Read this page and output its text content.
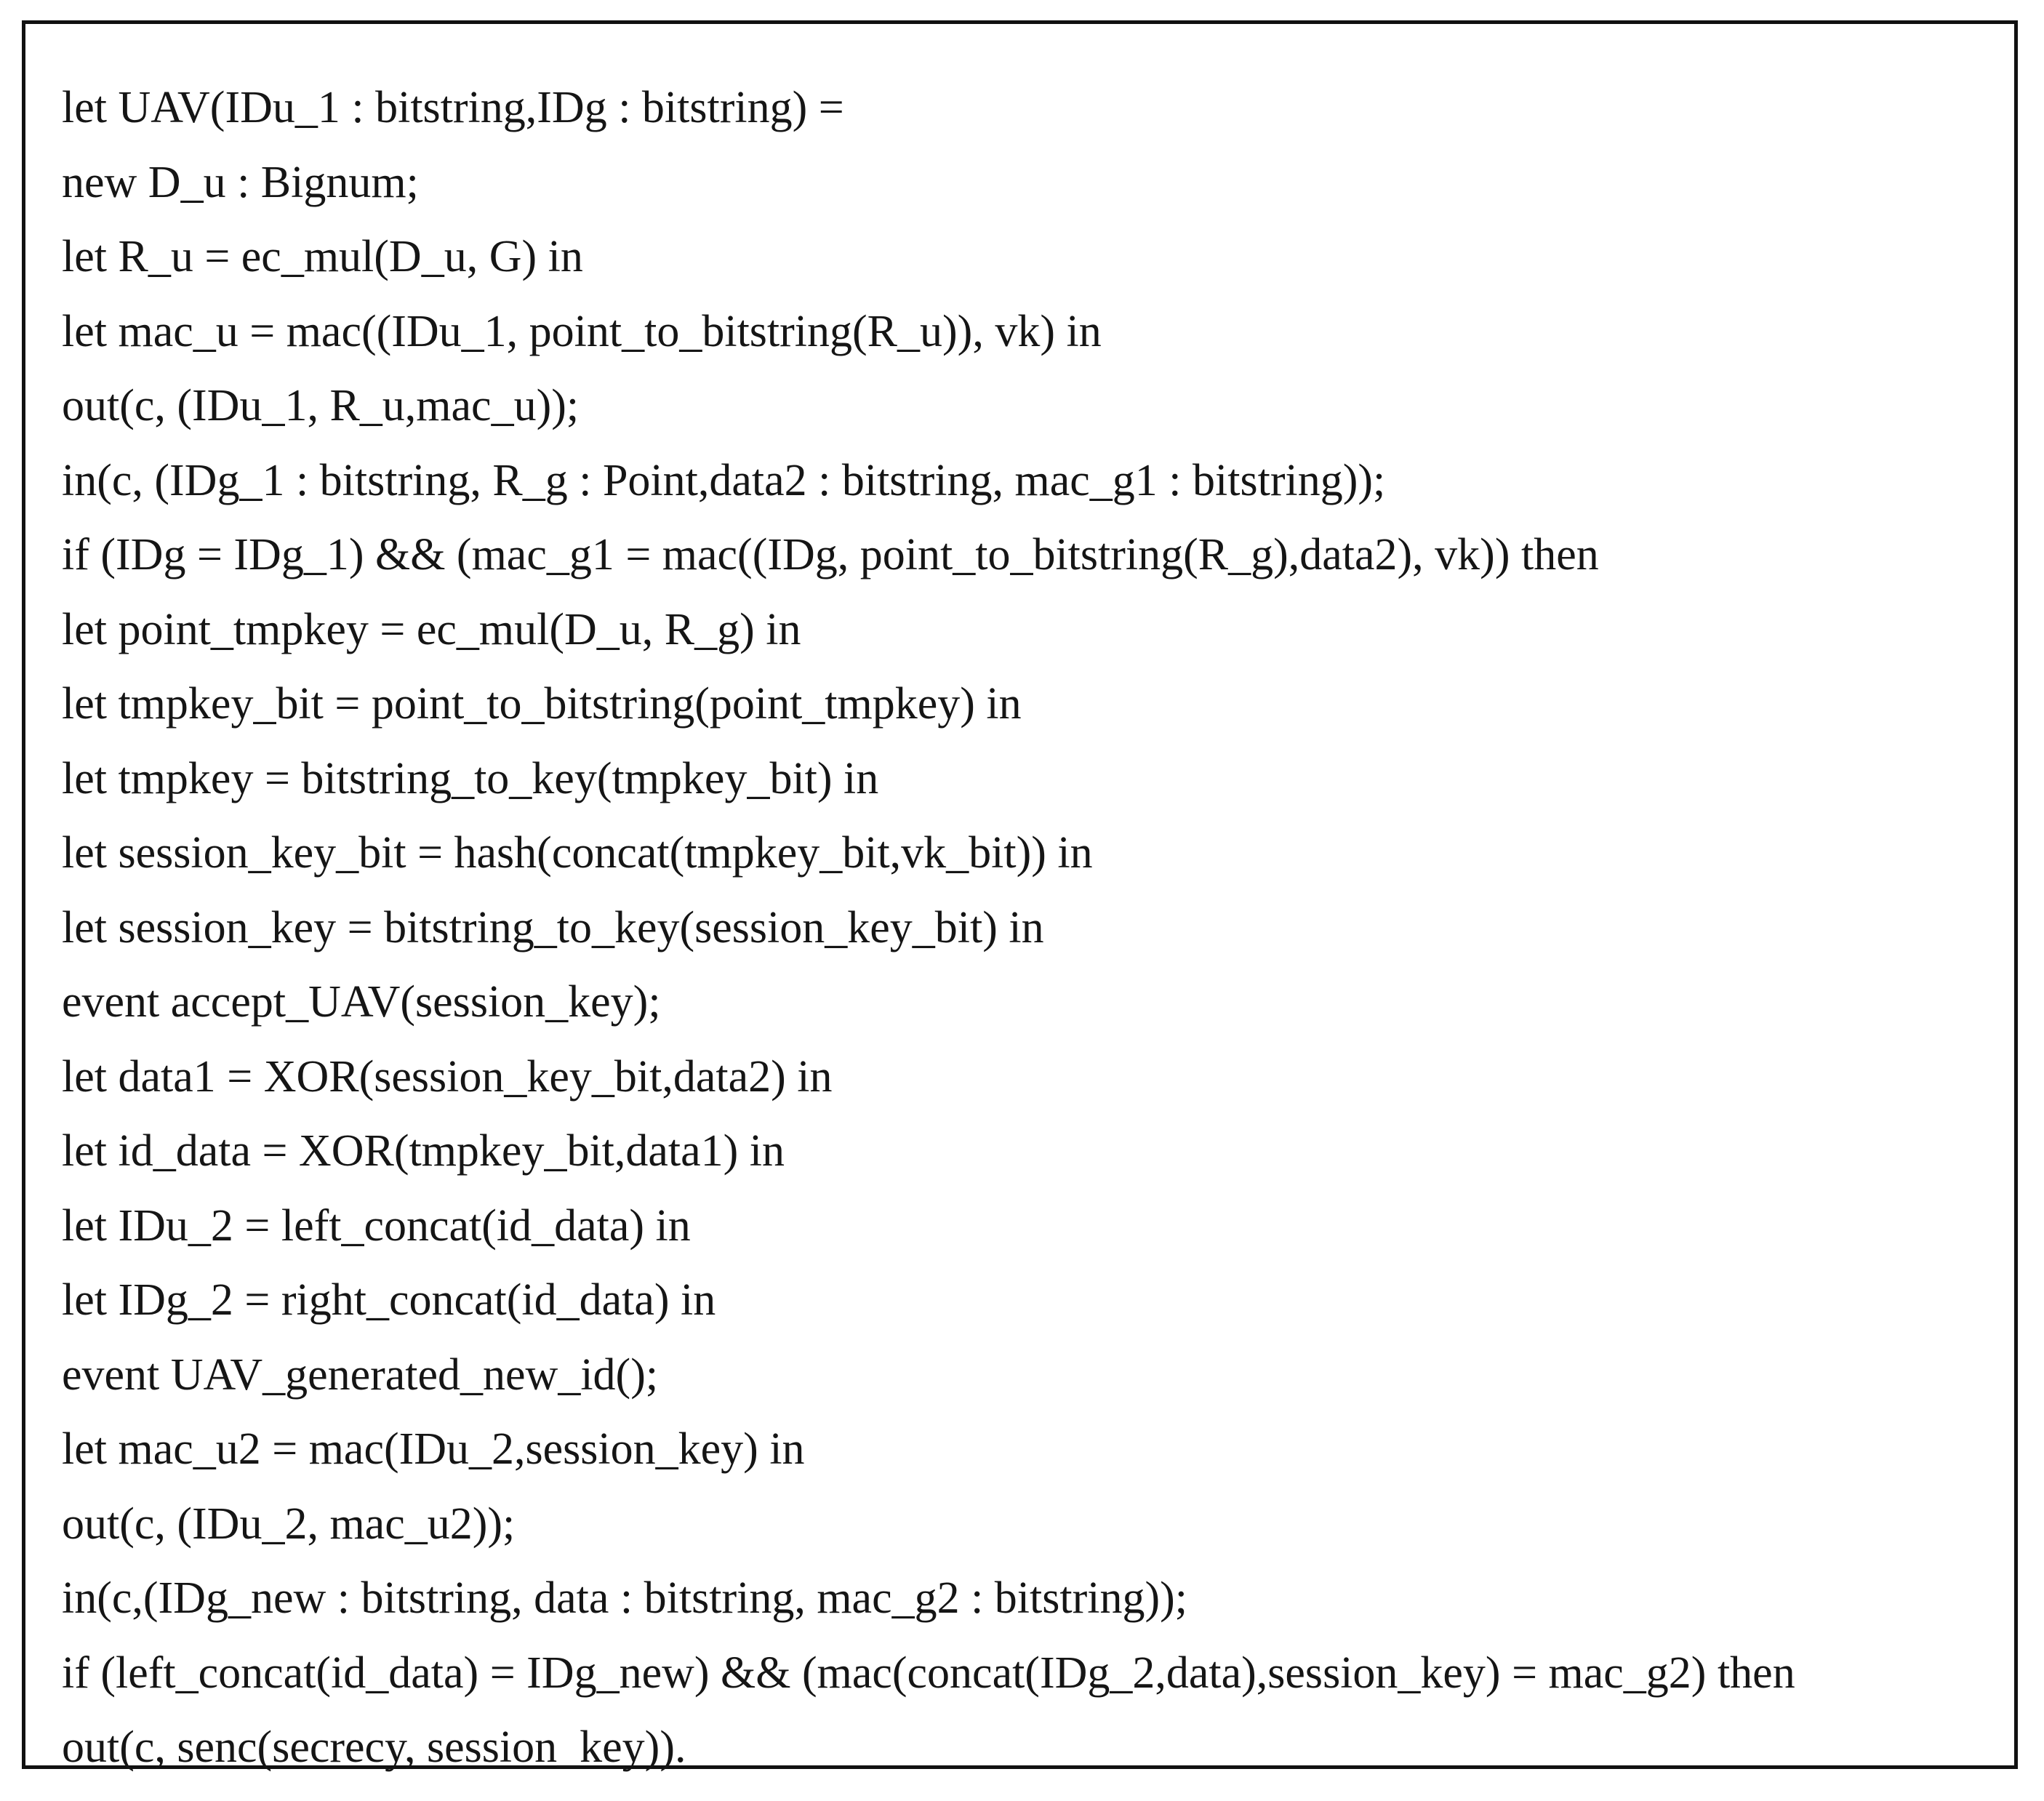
let UAV(IDu_1 : bitstring,IDg : bitstring) =
new D_u : Bignum;
let R_u = ec_mul(D_u, G) in
let mac_u = mac((IDu_1, point_to_bitstring(R_u)), vk) in
out(c, (IDu_1, R_u,mac_u));
in(c, (IDg_1 : bitstring, R_g : Point,data2 : bitstring, mac_g1 : bitstring));
if (IDg = IDg_1) && (mac_g1 = mac((IDg, point_to_bitstring(R_g),data2), vk)) then
let point_tmpkey = ec_mul(D_u, R_g) in
let tmpkey_bit = point_to_bitstring(point_tmpkey) in
let tmpkey = bitstring_to_key(tmpkey_bit) in
let session_key_bit = hash(concat(tmpkey_bit,vk_bit)) in
let session_key = bitstring_to_key(session_key_bit) in
event accept_UAV(session_key);
let data1 = XOR(session_key_bit,data2) in
let id_data = XOR(tmpkey_bit,data1) in
let IDu_2 = left_concat(id_data) in
let IDg_2 = right_concat(id_data) in
event UAV_generated_new_id();
let mac_u2 = mac(IDu_2,session_key) in
out(c, (IDu_2, mac_u2));
in(c,(IDg_new : bitstring, data : bitstring, mac_g2 : bitstring));
if (left_concat(id_data) = IDg_new) && (mac(concat(IDg_2,data),session_key) = mac_g2) then
out(c, senc(secrecy, session_key)).
